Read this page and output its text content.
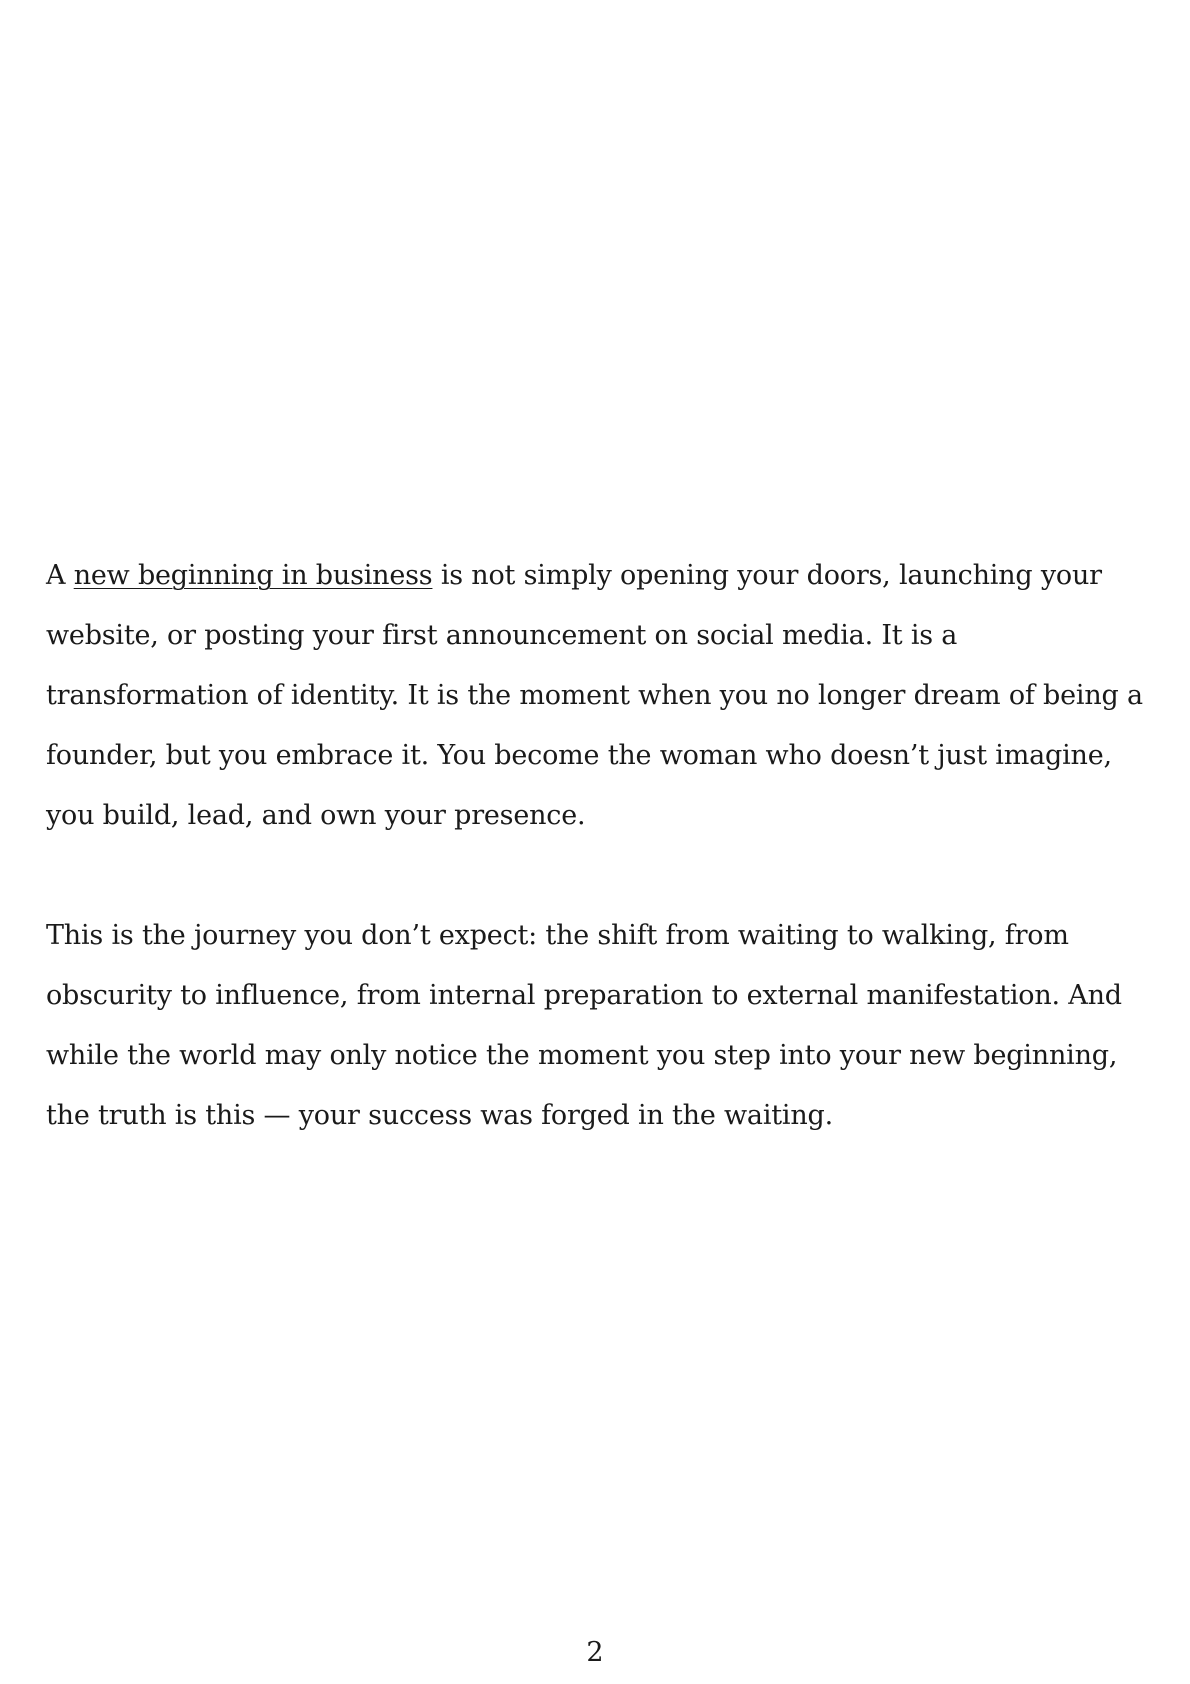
A new beginning in business is not simply opening your doors, launching your website, or posting your first announcement on social media. It is a transformation of identity. It is the moment when you no longer dream of being a founder, but you embrace it. You become the woman who doesn’t just imagine, you build, lead, and own your presence.

This is the journey you don’t expect: the shift from waiting to walking, from obscurity to influence, from internal preparation to external manifestation. And while the world may only notice the moment you step into your new beginning, the truth is this — your success was forged in the waiting.

2
